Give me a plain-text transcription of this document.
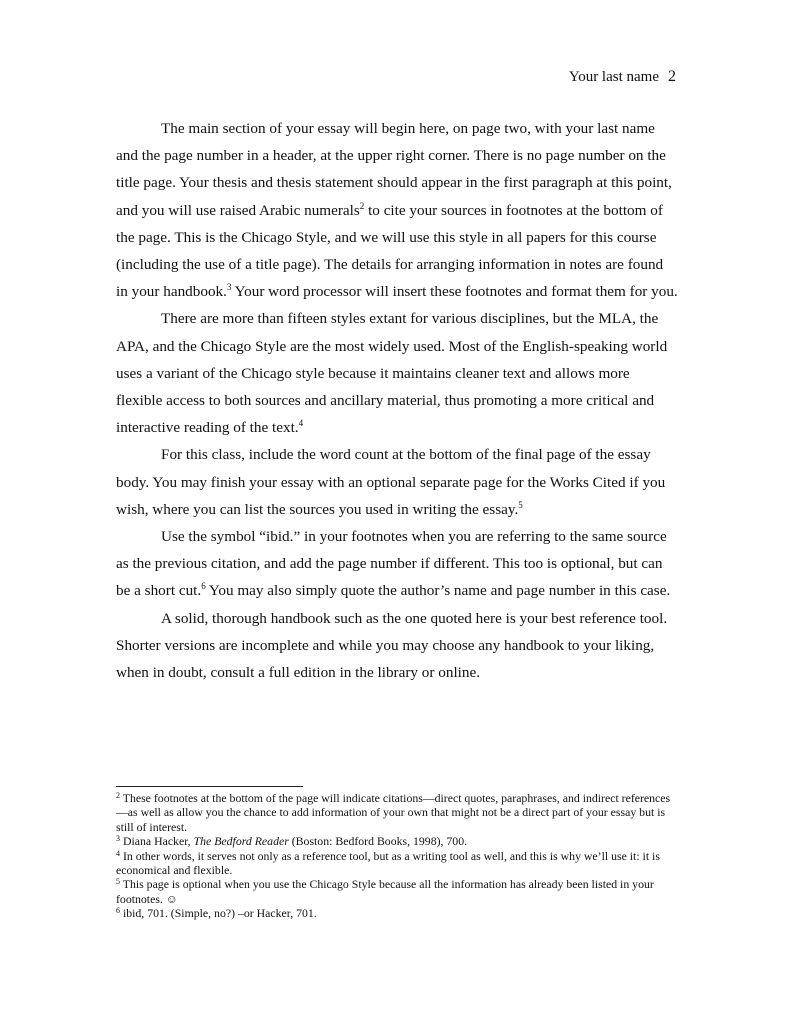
Your last name 2

The main section of your essay will begin here, on page two, with your last name and the page number in a header, at the upper right corner. There is no page number on the title page. Your thesis and thesis statement should appear in the first paragraph at this point, and you will use raised Arabic numerals$^2$ to cite your sources in footnotes at the bottom of the page. This is the Chicago Style, and we will use this style in all papers for this course (including the use of a title page). The details for arranging information in notes are found in your handbook.$^3$ Your word processor will insert these footnotes and format them for you.

There are more than fifteen styles extant for various disciplines, but the MLA, the APA, and the Chicago Style are the most widely used. Most of the English-speaking world uses a variant of the Chicago style because it maintains cleaner text and allows more flexible access to both sources and ancillary material, thus promoting a more critical and interactive reading of the text.$^4$

For this class, include the word count at the bottom of the final page of the essay body. You may finish your essay with an optional separate page for the Works Cited if you wish, where you can list the sources you used in writing the essay.$^5$

Use the symbol “ibid.” in your footnotes when you are referring to the same source as the previous citation, and add the page number if different. This too is optional, but can be a short cut.$^6$ You may also simply quote the author’s name and page number in this case.

A solid, thorough handbook such as the one quoted here is your best reference tool. Shorter versions are incomplete and while you may choose any handbook to your liking, when in doubt, consult a full edition in the library or online.

$^2$ These footnotes at the bottom of the page will indicate citations—direct quotes, paraphrases, and indirect references—as well as allow you the chance to add information of your own that might not be a direct part of your essay but is still of interest.

$^3$ Diana Hacker, The Bedford Reader (Boston: Bedford Books, 1998), 700.

$^4$ In other words, it serves not only as a reference tool, but as a writing tool as well, and this is why we’ll use it: it is economical and flexible.

$^5$ This page is optional when you use the Chicago Style because all the information has already been listed in your footnotes. ☺

$^6$ ibid, 701. (Simple, no?) –or Hacker, 701.
